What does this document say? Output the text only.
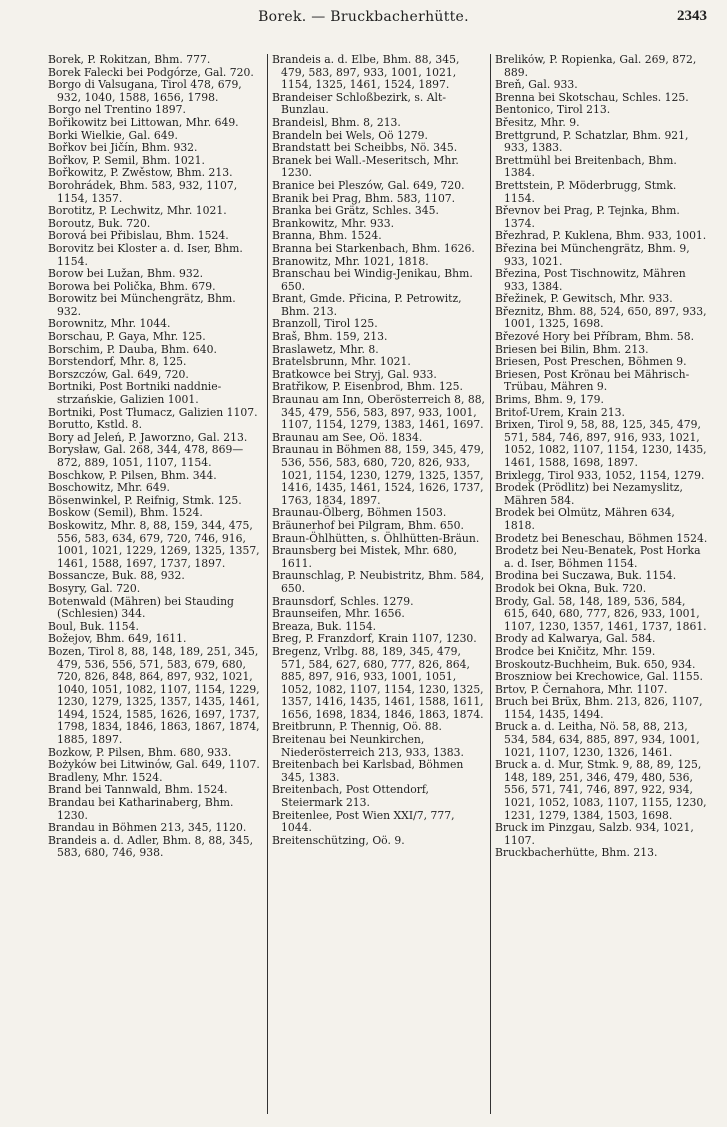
Borek. — Bruckbacherhütte.	2343

Borek, P. Rokitzan, Bhm. 777.

Borek Falecki bei Podgórze, Gal. 720.

Borgo di Valsugana, Tirol 478, 679, 932, 1040, 1588, 1656, 1798.

Borgo nel Trentino 1897.

Bořikowitz bei Littowan, Mhr. 649.

Borki Wielkie, Gal. 649.

Bořkov bei Jičín, Bhm. 932.

Bořkov, P. Semil, Bhm. 1021.

Bořkowitz, P. Zwěstow, Bhm. 213.

Borohrádek, Bhm. 583, 932, 1107, 1154, 1357.

Borotitz, P. Lechwitz, Mhr. 1021.

Boroutz, Buk. 720.

Borová bei Přibislau, Bhm. 1524.

Borovitz bei Kloster a. d. Iser, Bhm. 1154.

Borow bei Lužan, Bhm. 932.

Borowa bei Polička, Bhm. 679.

Borowitz bei Münchengrätz, Bhm. 932.

Borownitz, Mhr. 1044.

Borschau, P. Gaya, Mhr. 125.

Borschim, P. Dauba, Bhm. 640.

Borstendorf, Mhr. 8, 125.

Borszczów, Gal. 649, 720.

Bortniki, Post Bortniki naddnie-strzańskie, Galizien 1001.

Bortniki, Post Tłumacz, Galizien 1107.

Borutto, Kstld. 8.

Bory ad Jeleń, P. Jaworzno, Gal. 213.

Borysław, Gal. 268, 344, 478, 869—872, 889, 1051, 1107, 1154.

Boschkow, P. Pilsen, Bhm. 344.

Boschowitz, Mhr. 649.

Bösenwinkel, P. Reifnig, Stmk. 125.

Boskow (Semil), Bhm. 1524.

Boskowitz, Mhr. 8, 88, 159, 344, 475, 556, 583, 634, 679, 720, 746, 916, 1001, 1021, 1229, 1269, 1325, 1357, 1461, 1588, 1697, 1737, 1897.

Bossancze, Buk. 88, 932.

Bosyry, Gal. 720.

Botenwald (Mähren) bei Stauding (Schlesien) 344.

Boul, Buk. 1154.

Božejov, Bhm. 649, 1611.

Bozen, Tirol 8, 88, 148, 189, 251, 345, 479, 536, 556, 571, 583, 679, 680, 720, 826, 848, 864, 897, 932, 1021, 1040, 1051, 1082, 1107, 1154, 1229, 1230, 1279, 1325, 1357, 1435, 1461, 1494, 1524, 1585, 1626, 1697, 1737, 1798, 1834, 1846, 1863, 1867, 1874, 1885, 1897.

Bozkow, P. Pilsen, Bhm. 680, 933.

Bożyków bei Litwinów, Gal. 649, 1107.

Bradleny, Mhr. 1524.

Brand bei Tannwald, Bhm. 1524.

Brandau bei Katharinaberg, Bhm. 1230.

Brandau in Böhmen 213, 345, 1120.

Brandeis a. d. Adler, Bhm. 8, 88, 345, 583, 680, 746, 938.

Brandeis a. d. Elbe, Bhm. 88, 345, 479, 583, 897, 933, 1001, 1021, 1154, 1325, 1461, 1524, 1897.

Brandeiser Schloßbezirk, s. Alt-Bunzlau.

Brandeisl, Bhm. 8, 213.

Brandeln bei Wels, Oö 1279.

Brandstatt bei Scheibbs, Nö. 345.

Branek bei Wall.-Meseritsch, Mhr. 1230.

Branice bei Pleszów, Gal. 649, 720.

Branik bei Prag, Bhm. 583, 1107.

Branka bei Grätz, Schles. 345.

Brankowitz, Mhr. 933.

Branna, Bhm. 1524.

Branna bei Starkenbach, Bhm. 1626.

Branowitz, Mhr. 1021, 1818.

Branschau bei Windig-Jenikau, Bhm. 650.

Brant, Gmde. Přicina, P. Petrowitz, Bhm. 213.

Branzoll, Tirol 125.

Braš, Bhm. 159, 213.

Braslawetz, Mhr. 8.

Bratelsbrunn, Mhr. 1021.

Bratkowce bei Stryj, Gal. 933.

Bratřikow, P. Eisenbrod, Bhm. 125.

Braunau am Inn, Oberösterreich 8, 88, 345, 479, 556, 583, 897, 933, 1001, 1107, 1154, 1279, 1383, 1461, 1697.

Braunau am See, Oö. 1834.

Braunau in Böhmen 88, 159, 345, 479, 536, 556, 583, 680, 720, 826, 933, 1021, 1154, 1230, 1279, 1325, 1357, 1416, 1435, 1461, 1524, 1626, 1737, 1763, 1834, 1897.

Braunau-Ölberg, Böhmen 1503.

Bräunerhof bei Pilgram, Bhm. 650.

Braun-Öhlhütten, s. Öhlhütten-Bräun.

Braunsberg bei Mistek, Mhr. 680, 1611.

Braunschlag, P. Neubistritz, Bhm. 584, 650.

Braunsdorf, Schles. 1279.

Braunseifen, Mhr. 1656.

Breaza, Buk. 1154.

Breg, P. Franzdorf, Krain 1107, 1230.

Bregenz, Vrlbg. 88, 189, 345, 479, 571, 584, 627, 680, 777, 826, 864, 885, 897, 916, 933, 1001, 1051, 1052, 1082, 1107, 1154, 1230, 1325, 1357, 1416, 1435, 1461, 1588, 1611, 1656, 1698, 1834, 1846, 1863, 1874.

Breitbrunn, P. Thennig, Oö. 88.

Breitenau bei Neunkirchen, Niederösterreich 213, 933, 1383.

Breitenbach bei Karlsbad, Böhmen 345, 1383.

Breitenbach, Post Ottendorf, Steiermark 213.

Breitenlee, Post Wien XXI/7, 777, 1044.

Breitenschützing, Oö. 9.

Brelików, P. Ropienka, Gal. 269, 872, 889.

Breň, Gal. 933.

Brenna bei Skotschau, Schles. 125.

Bentonico, Tirol 213.

Břesitz, Mhr. 9.

Brettgrund, P. Schatzlar, Bhm. 921, 933, 1383.

Brettmühl bei Breitenbach, Bhm. 1384.

Brettstein, P. Möderbrugg, Stmk. 1154.

Břevnov bei Prag, P. Tejnka, Bhm. 1374.

Březhrad, P. Kuklena, Bhm. 933, 1001.

Březina bei Münchengrätz, Bhm. 9, 933, 1021.

Březina, Post Tischnowitz, Mähren 933, 1384.

Břežinek, P. Gewitsch, Mhr. 933.

Březnitz, Bhm. 88, 524, 650, 897, 933, 1001, 1325, 1698.

Březové Hory bei Příbram, Bhm. 58.

Briesen bei Bilin, Bhm. 213.

Briesen, Post Preschen, Böhmen 9.

Briesen, Post Krönau bei Mährisch-Trübau, Mähren 9.

Brims, Bhm. 9, 179.

Britof-Urem, Krain 213.

Brixen, Tirol 9, 58, 88, 125, 345, 479, 571, 584, 746, 897, 916, 933, 1021, 1052, 1082, 1107, 1154, 1230, 1435, 1461, 1588, 1698, 1897.

Brixlegg, Tirol 933, 1052, 1154, 1279.

Brodek (Prödlitz) bei Nezamyslitz, Mähren 584.

Brodek bei Olmütz, Mähren 634, 1818.

Brodetz bei Beneschau, Böhmen 1524.

Brodetz bei Neu-Benatek, Post Horka a. d. Iser, Böhmen 1154.

Brodina bei Suczawa, Buk. 1154.

Brodok bei Okna, Buk. 720.

Brody, Gal. 58, 148, 189, 536, 584, 615, 640, 680, 777, 826, 933, 1001, 1107, 1230, 1357, 1461, 1737, 1861.

Brody ad Kalwarya, Gal. 584.

Brodce bei Kničitz, Mhr. 159.

Broskoutz-Buchheim, Buk. 650, 934.

Broszniow bei Krechowice, Gal. 1155.

Brtov, P. Černahora, Mhr. 1107.

Bruch bei Brüx, Bhm. 213, 826, 1107, 1154, 1435, 1494.

Bruck a. d. Leitha, Nö. 58, 88, 213, 534, 584, 634, 885, 897, 934, 1001, 1021, 1107, 1230, 1326, 1461.

Bruck a. d. Mur, Stmk. 9, 88, 89, 125, 148, 189, 251, 346, 479, 480, 536, 556, 571, 741, 746, 897, 922, 934, 1021, 1052, 1083, 1107, 1155, 1230, 1231, 1279, 1384, 1503, 1698.

Bruck im Pinzgau, Salzb. 934, 1021, 1107.

Bruckbacherhütte, Bhm. 213.
